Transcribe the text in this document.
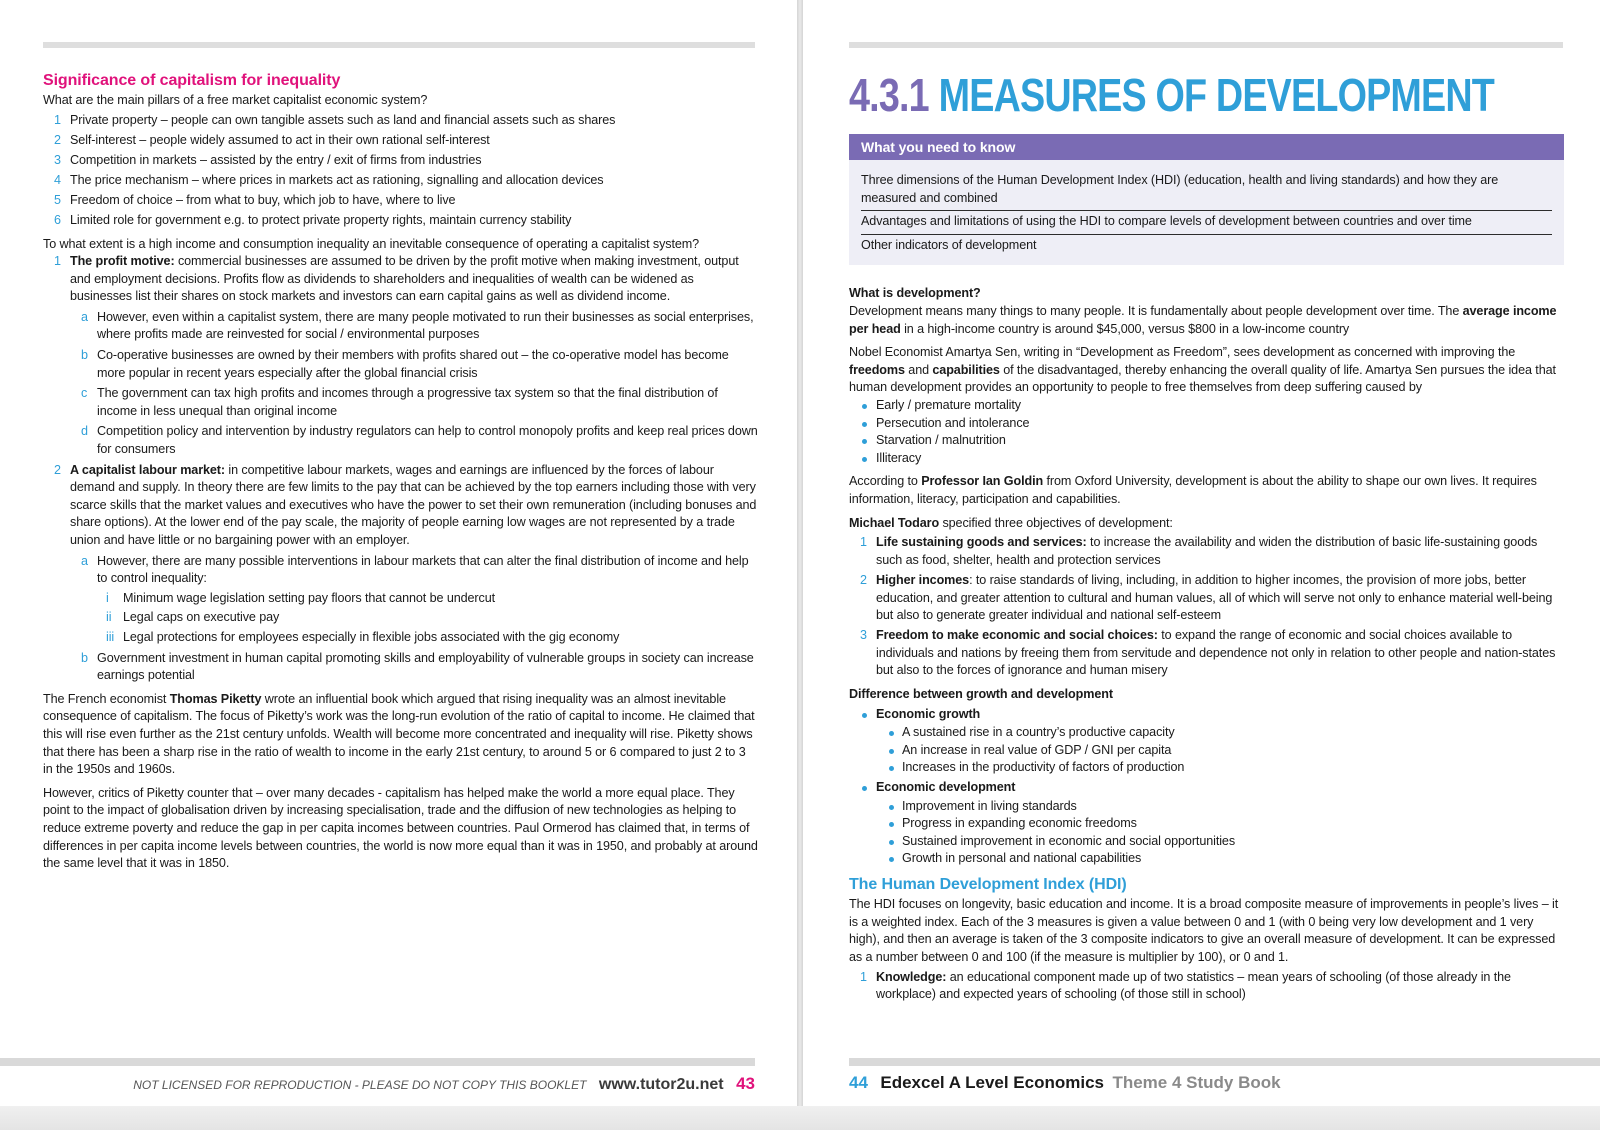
Significance of capitalism for inequality

What are the main pillars of a free market capitalist economic system?

1 Private property – people can own tangible assets such as land and financial assets such as shares
2 Self-interest – people widely assumed to act in their own rational self-interest
3 Competition in markets – assisted by the entry / exit of firms from industries
4 The price mechanism – where prices in markets act as rationing, signalling and allocation devices
5 Freedom of choice – from what to buy, which job to have, where to live
6 Limited role for government e.g. to protect private property rights, maintain currency stability

To what extent is a high income and consumption inequality an inevitable consequence of operating a capitalist system?

1 The profit motive: commercial businesses are assumed to be driven by the profit motive when making investment, output and employment decisions. Profits flow as dividends to shareholders and inequalities of wealth can be widened as businesses list their shares on stock markets and investors can earn capital gains as well as dividend income.
a However, even within a capitalist system, there are many people motivated to run their businesses as social enterprises, where profits made are reinvested for social / environmental purposes
b Co-operative businesses are owned by their members with profits shared out – the co-operative model has become more popular in recent years especially after the global financial crisis
c The government can tax high profits and incomes through a progressive tax system so that the final distribution of income in less unequal than original income
d Competition policy and intervention by industry regulators can help to control monopoly profits and keep real prices down for consumers
2 A capitalist labour market: in competitive labour markets, wages and earnings are influenced by the forces of labour demand and supply. In theory there are few limits to the pay that can be achieved by the top earners including those with very scarce skills that the market values and executives who have the power to set their own remuneration (including bonuses and share options). At the lower end of the pay scale, the majority of people earning low wages are not represented by a trade union and have little or no bargaining power with an employer.
a However, there are many possible interventions in labour markets that can alter the final distribution of income and help to control inequality:
i Minimum wage legislation setting pay floors that cannot be undercut
ii Legal caps on executive pay
iii Legal protections for employees especially in flexible jobs associated with the gig economy
b Government investment in human capital promoting skills and employability of vulnerable groups in society can increase earnings potential

The French economist Thomas Piketty wrote an influential book which argued that rising inequality was an almost inevitable consequence of capitalism. The focus of Piketty’s work was the long-run evolution of the ratio of capital to income. He claimed that this will rise even further as the 21st century unfolds. Wealth will become more concentrated and inequality will rise. Piketty shows that there has been a sharp rise in the ratio of wealth to income in the early 21st century, to around 5 or 6 compared to just 2 to 3 in the 1950s and 1960s.

However, critics of Piketty counter that – over many decades - capitalism has helped make the world a more equal place. They point to the impact of globalisation driven by increasing specialisation, trade and the diffusion of new technologies as helping to reduce extreme poverty and reduce the gap in per capita incomes between countries. Paul Ormerod has claimed that, in terms of differences in per capita income levels between countries, the world is now more equal than it was in 1950, and probably at around the same level that it was in 1850.

NOT LICENSED FOR REPRODUCTION - PLEASE DO NOT COPY THIS BOOKLET www.tutor2u.net 43
4.3.1 MEASURES OF DEVELOPMENT
What you need to know
Three dimensions of the Human Development Index (HDI) (education, health and living standards) and how they are measured and combined
Advantages and limitations of using the HDI to compare levels of development between countries and over time
Other indicators of development
What is development?

Development means many things to many people. It is fundamentally about people development over time. The average income per head in a high-income country is around $45,000, versus $800 in a low-income country

Nobel Economist Amartya Sen, writing in “Development as Freedom”, sees development as concerned with improving the freedoms and capabilities of the disadvantaged, thereby enhancing the overall quality of life. Amartya Sen pursues the idea that human development provides an opportunity to people to free themselves from deep suffering caused by

Early / premature mortality
Persecution and intolerance
Starvation / malnutrition
Illiteracy

According to Professor Ian Goldin from Oxford University, development is about the ability to shape our own lives. It requires information, literacy, participation and capabilities.

Michael Todaro specified three objectives of development:

1 Life sustaining goods and services: to increase the availability and widen the distribution of basic life-sustaining goods such as food, shelter, health and protection services
2 Higher incomes: to raise standards of living, including, in addition to higher incomes, the provision of more jobs, better education, and greater attention to cultural and human values, all of which will serve not only to enhance material well-being but also to generate greater individual and national self-esteem
3 Freedom to make economic and social choices: to expand the range of economic and social choices available to individuals and nations by freeing them from servitude and dependence not only in relation to other people and nation-states but also to the forces of ignorance and human misery
Difference between growth and development
Economic growth
A sustained rise in a country’s productive capacity
An increase in real value of GDP / GNI per capita
Increases in the productivity of factors of production
Economic development
Improvement in living standards
Progress in expanding economic freedoms
Sustained improvement in economic and social opportunities
Growth in personal and national capabilities
The Human Development Index (HDI)

The HDI focuses on longevity, basic education and income. It is a broad composite measure of improvements in people’s lives – it is a weighted index. Each of the 3 measures is given a value between 0 and 1 (with 0 being very low development and 1 very high), and then an average is taken of the 3 composite indicators to give an overall measure of development. It can be expressed as a number between 0 and 100 (if the measure is multiplier by 100), or 0 and 1.

1 Knowledge: an educational component made up of two statistics – mean years of schooling (of those already in the workplace) and expected years of schooling (of those still in school)
44 Edexcel A Level Economics Theme 4 Study Book
